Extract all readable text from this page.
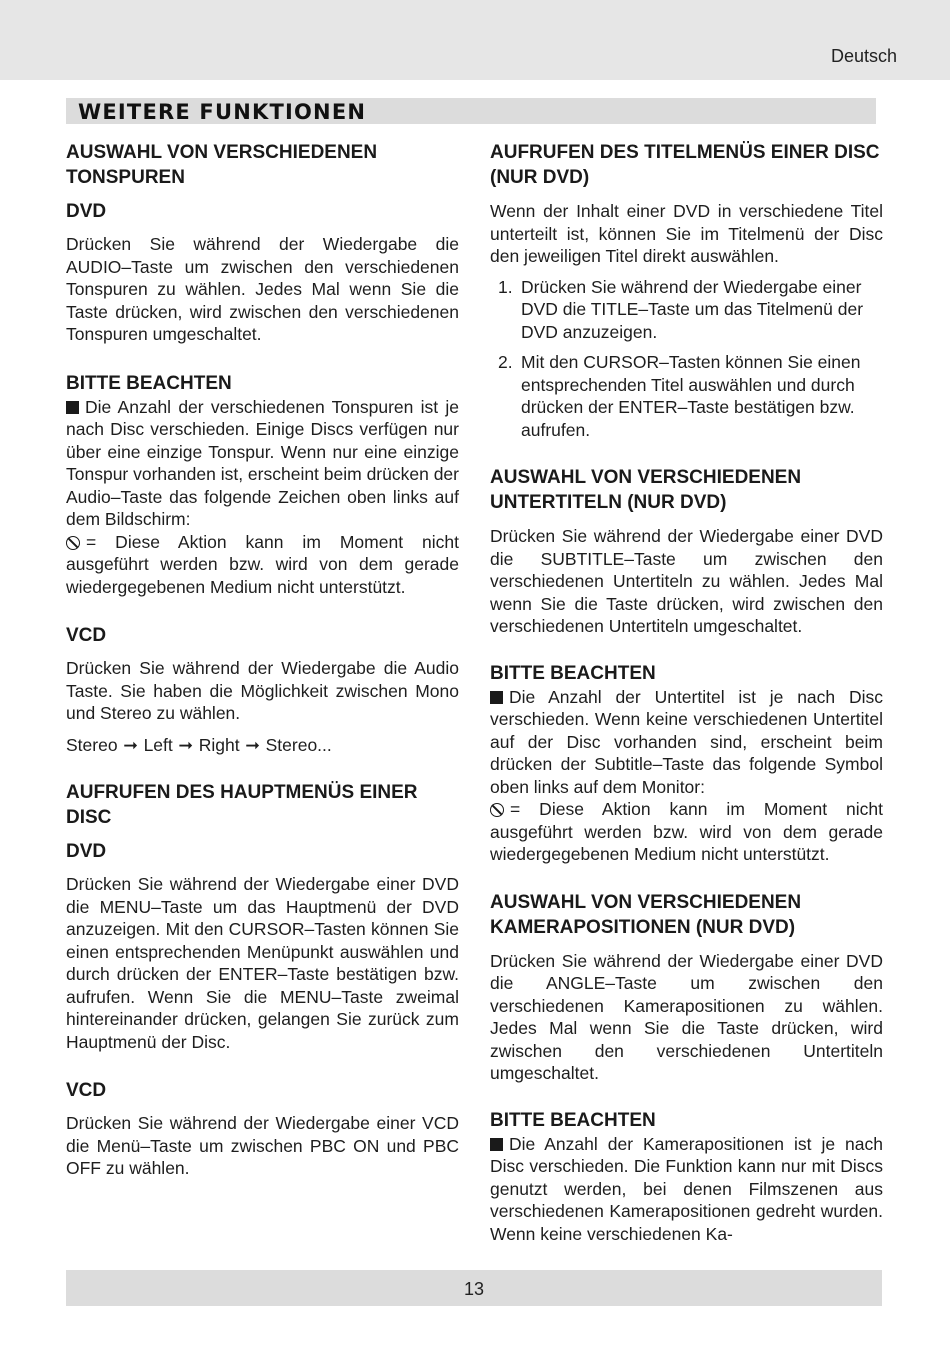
Deutsch
WEITERE FUNKTIONEN
AUSWAHL VON VERSCHIEDENEN TONSPUREN
DVD

Drücken Sie während der Wiedergabe die AUDIO–Taste um zwischen den verschiedenen Tonspuren zu wählen. Jedes Mal wenn Sie die Taste drücken, wird zwischen den verschiedenen Tonspuren umgeschaltet.

BITTE BEACHTEN

Die Anzahl der verschiedenen Tonspuren ist je nach Disc verschieden. Einige Discs verfügen nur über eine einzige Tonspur. Wenn nur eine einzige Tonspur vorhanden ist, erscheint beim drücken der Audio–Taste das folgende Zeichen oben links auf dem Bildschirm:

= Diese Aktion kann im Moment nicht ausgeführt werden bzw. wird von dem gerade wiedergegebenen Medium nicht unterstützt.

VCD

Drücken Sie während der Wiedergabe die Audio Taste. Sie haben die Möglichkeit zwischen Mono und Stereo zu wählen.

Stereo ➞ Left ➞ Right ➞ Stereo...

AUFRUFEN DES HAUPTMENÜS EINER DISC
DVD

Drücken Sie während der Wiedergabe einer DVD die MENU–Taste um das Hauptmenü der DVD anzuzeigen. Mit den CURSOR–Tasten können Sie einen entsprechenden Menüpunkt auswählen und durch drücken der ENTER–Taste bestätigen bzw. aufrufen. Wenn Sie die MENU–Taste zweimal hintereinander drücken, gelangen Sie zurück zum Hauptmenü der Disc.

VCD

Drücken Sie während der Wiedergabe einer VCD die Menü–Taste um zwischen PBC ON und PBC OFF zu wählen.

AUFRUFEN DES TITELMENÜS EINER DISC (NUR DVD)

Wenn der Inhalt einer DVD in verschiedene Titel unterteilt ist, können Sie im Titelmenü der Disc den jeweiligen Titel direkt auswählen.

1. Drücken Sie während der Wiedergabe einer DVD die TITLE–Taste um das Titelmenü der DVD anzuzeigen.
2. Mit den CURSOR–Tasten können Sie einen entsprechenden Titel auswählen und durch drücken der ENTER–Taste bestätigen bzw. aufrufen.
AUSWAHL VON VERSCHIEDENEN UNTERTITELN (NUR DVD)

Drücken Sie während der Wiedergabe einer DVD die SUBTITLE–Taste um zwischen den verschiedenen Untertiteln zu wählen. Jedes Mal wenn Sie die Taste drücken, wird zwischen den verschiedenen Untertiteln umgeschaltet.

BITTE BEACHTEN

Die Anzahl der Untertitel ist je nach Disc verschieden. Wenn keine verschiedenen Untertitel auf der Disc vorhanden sind, erscheint beim drücken der Subtitle–Taste das folgende Symbol oben links auf dem Monitor:

= Diese Aktion kann im Moment nicht ausgeführt werden bzw. wird von dem gerade wiedergegebenen Medium nicht unterstützt.

AUSWAHL VON VERSCHIEDENEN KAMERAPOSITIONEN (NUR DVD)

Drücken Sie während der Wiedergabe einer DVD die ANGLE–Taste um zwischen den verschiedenen Kamerapositionen zu wählen. Jedes Mal wenn Sie die Taste drücken, wird zwischen den verschiedenen Untertiteln umgeschaltet.

BITTE BEACHTEN

Die Anzahl der Kamerapositionen ist je nach Disc verschieden. Die Funktion kann nur mit Discs genutzt werden, bei denen Filmszenen aus verschiedenen Kamerapositionen gedreht wurden. Wenn keine verschiedenen Ka-

13
